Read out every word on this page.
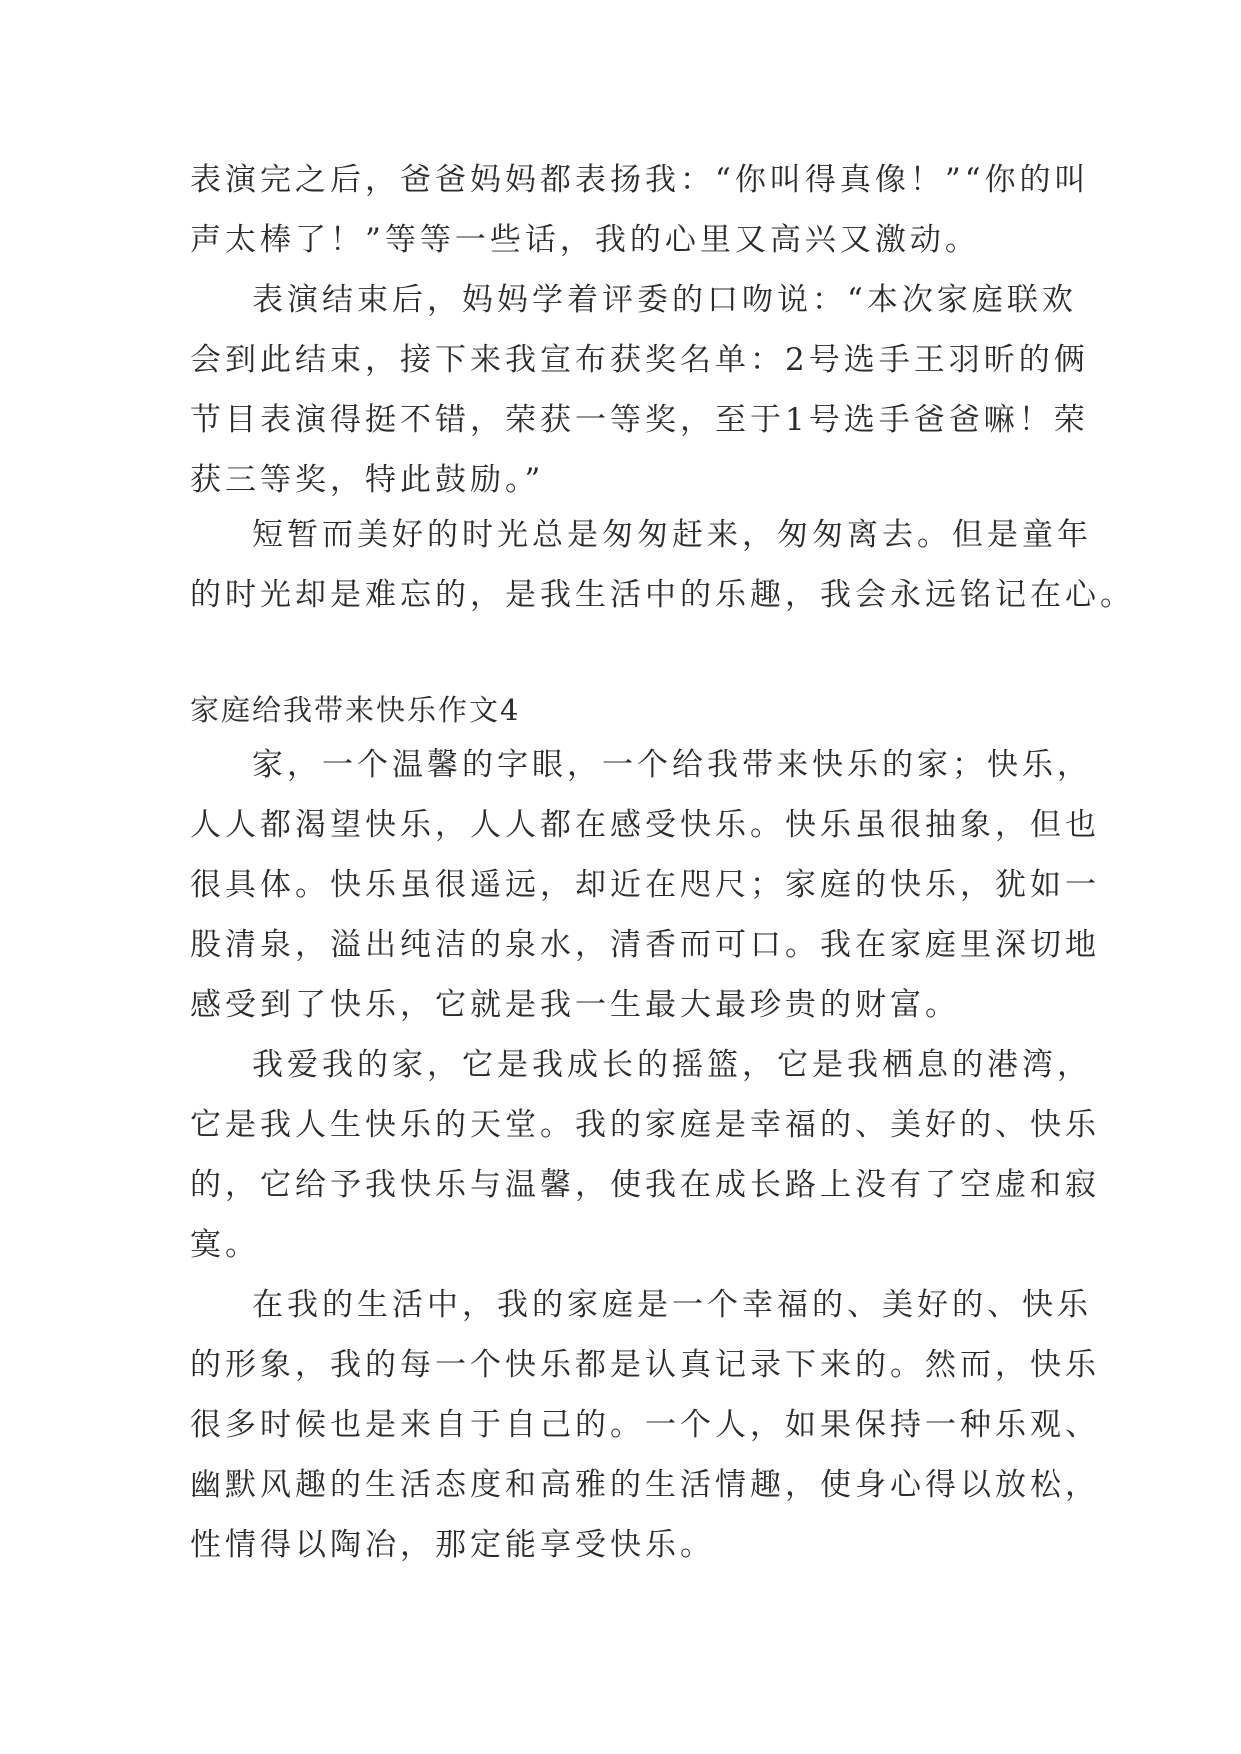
表演完之后，爸爸妈妈都表扬我：“你叫得真像！”“你的叫
声太棒了！”等等一些话，我的心里又高兴又激动。
表演结束后，妈妈学着评委的口吻说：“本次家庭联欢
会到此结束，接下来我宣布获奖名单：2号选手王羽昕的俩
节目表演得挺不错，荣获一等奖，至于1号选手爸爸嘛！荣
获三等奖，特此鼓励。”
短暂而美好的时光总是匆匆赶来，匆匆离去。但是童年
的时光却是难忘的，是我生活中的乐趣，我会永远铭记在心。
家庭给我带来快乐作文4
家，一个温馨的字眼，一个给我带来快乐的家；快乐，
人人都渴望快乐，人人都在感受快乐。快乐虽很抽象，但也
很具体。快乐虽很遥远，却近在咫尺；家庭的快乐，犹如一
股清泉，溢出纯洁的泉水，清香而可口。我在家庭里深切地
感受到了快乐，它就是我一生最大最珍贵的财富。
我爱我的家，它是我成长的摇篮，它是我栖息的港湾，
它是我人生快乐的天堂。我的家庭是幸福的、美好的、快乐
的，它给予我快乐与温馨，使我在成长路上没有了空虚和寂
寞。
在我的生活中，我的家庭是一个幸福的、美好的、快乐
的形象，我的每一个快乐都是认真记录下来的。然而，快乐
很多时候也是来自于自己的。一个人，如果保持一种乐观、
幽默风趣的生活态度和高雅的生活情趣，使身心得以放松，
性情得以陶冶，那定能享受快乐。
